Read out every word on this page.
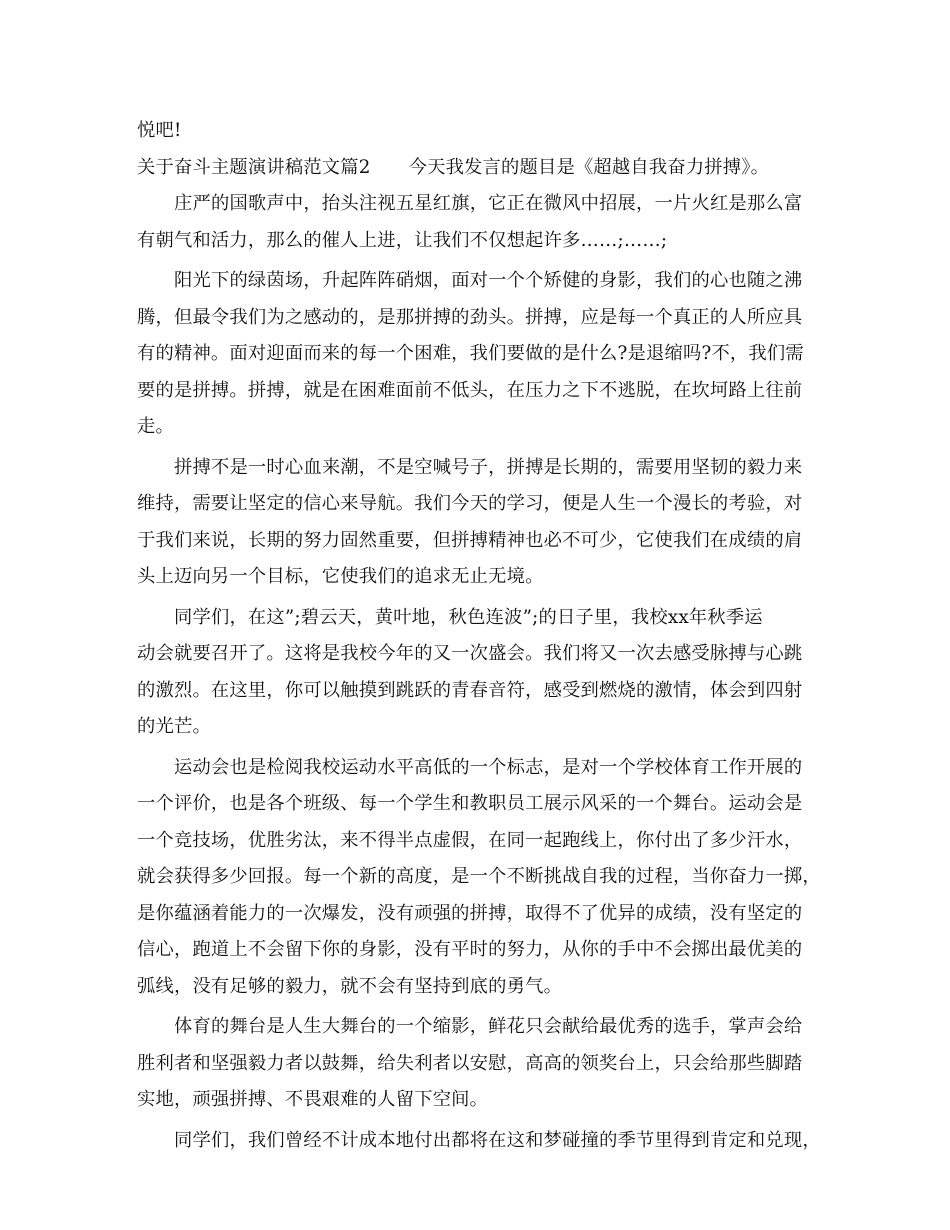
悦吧!
关于奋斗主题演讲稿范文篇2 今天我发言的题目是《超越自我奋力拼搏》。
庄严的国歌声中，抬头注视五星红旗，它正在微风中招展，一片火红是那么富
有朝气和活力，那么的催人上进，让我们不仅想起许多……;……;
阳光下的绿茵场，升起阵阵硝烟，面对一个个矫健的身影，我们的心也随之沸
腾，但最令我们为之感动的，是那拼搏的劲头。拼搏，应是每一个真正的人所应具
有的精神。面对迎面而来的每一个困难，我们要做的是什么?是退缩吗?不，我们需
要的是拼搏。拼搏，就是在困难面前不低头，在压力之下不逃脱，在坎坷路上往前
走。
拼搏不是一时心血来潮，不是空喊号子，拼搏是长期的，需要用坚韧的毅力来
维持，需要让坚定的信心来导航。我们今天的学习，便是人生一个漫长的考验，对
于我们来说，长期的努力固然重要，但拼搏精神也必不可少，它使我们在成绩的肩
头上迈向另一个目标，它使我们的追求无止无境。
同学们，在这”;碧云天，黄叶地，秋色连波”;的日子里，我校xx年秋季运
动会就要召开了。这将是我校今年的又一次盛会。我们将又一次去感受脉搏与心跳
的激烈。在这里，你可以触摸到跳跃的青春音符，感受到燃烧的激情，体会到四射
的光芒。
运动会也是检阅我校运动水平高低的一个标志，是对一个学校体育工作开展的
一个评价，也是各个班级、每一个学生和教职员工展示风采的一个舞台。运动会是
一个竞技场，优胜劣汰，来不得半点虚假，在同一起跑线上，你付出了多少汗水，
就会获得多少回报。每一个新的高度，是一个不断挑战自我的过程，当你奋力一掷，
是你蕴涵着能力的一次爆发，没有顽强的拼搏，取得不了优异的成绩，没有坚定的
信心，跑道上不会留下你的身影，没有平时的努力，从你的手中不会掷出最优美的
弧线，没有足够的毅力，就不会有坚持到底的勇气。
体育的舞台是人生大舞台的一个缩影，鲜花只会献给最优秀的选手，掌声会给
胜利者和坚强毅力者以鼓舞，给失利者以安慰，高高的领奖台上，只会给那些脚踏
实地，顽强拼搏、不畏艰难的人留下空间。
同学们，我们曾经不计成本地付出都将在这和梦碰撞的季节里得到肯定和兑现，
